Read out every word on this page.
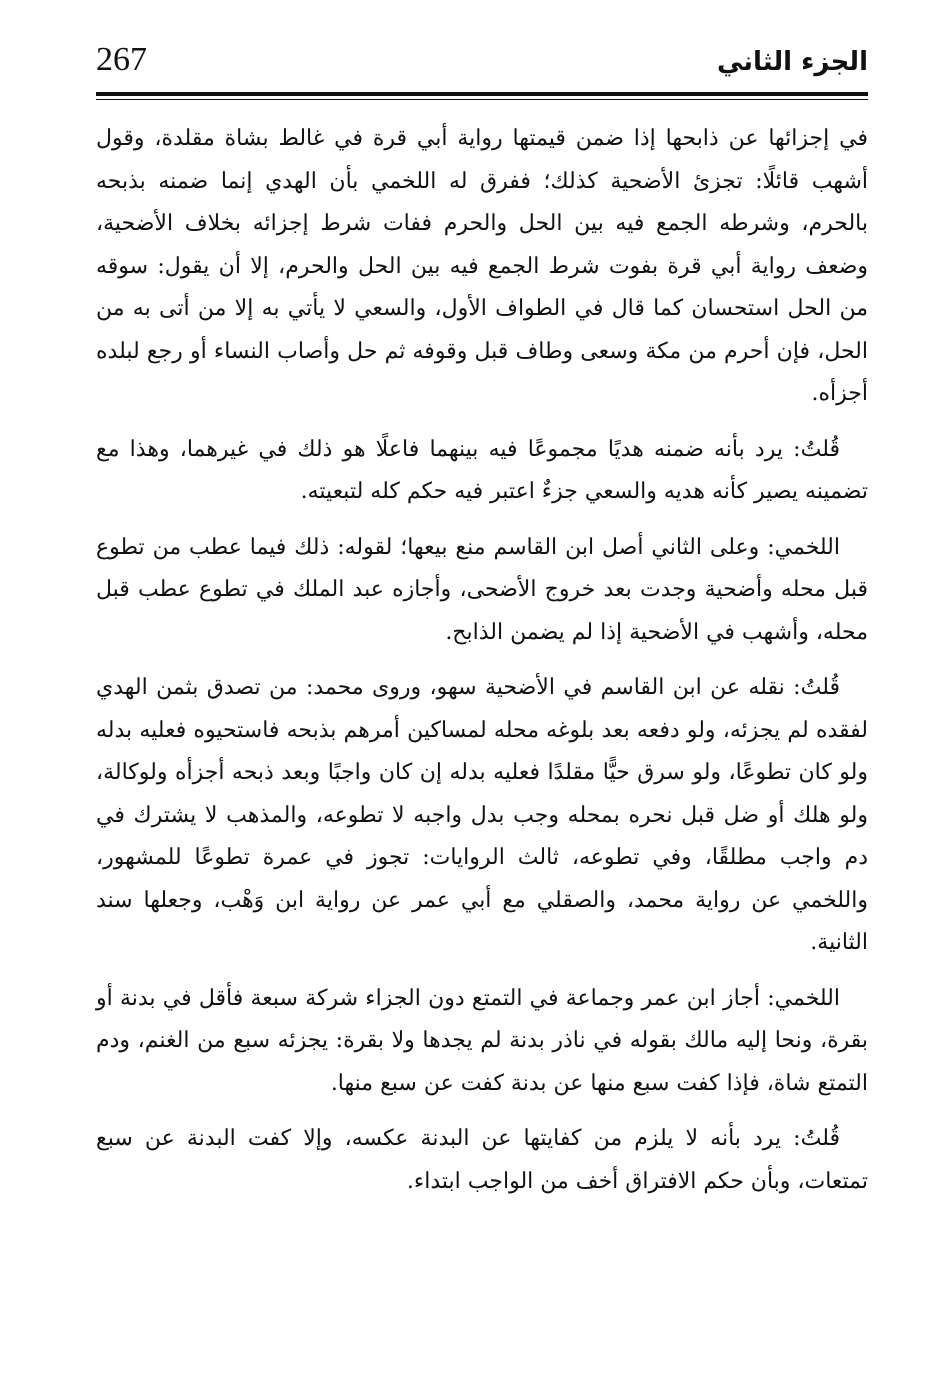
267	الجزء الثاني

في إجزائها عن ذابحها إذا ضمن قيمتها رواية أبي قرة في غالط بشاة مقلدة، وقول أشهب قائلًا: تجزئ الأضحية كذلك؛ ففرق له اللخمي بأن الهدي إنما ضمنه بذبحه بالحرم، وشرطه الجمع فيه بين الحل والحرم ففات شرط إجزائه بخلاف الأضحية، وضعف رواية أبي قرة بفوت شرط الجمع فيه بين الحل والحرم، إلا أن يقول: سوقه من الحل استحسان كما قال في الطواف الأول، والسعي لا يأتي به إلا من أتى به من الحل، فإن أحرم من مكة وسعى وطاف قبل وقوفه ثم حل وأصاب النساء أو رجع لبلده أجزأه.

قُلتُ: يرد بأنه ضمنه هديًا مجموعًا فيه بينهما فاعلًا هو ذلك في غيرهما، وهذا مع تضمينه يصير كأنه هديه والسعي جزءٌ اعتبر فيه حكم كله لتبعيته.

اللخمي: وعلى الثاني أصل ابن القاسم منع بيعها؛ لقوله: ذلك فيما عطب من تطوع قبل محله وأضحية وجدت بعد خروج الأضحى، وأجازه عبد الملك في تطوع عطب قبل محله، وأشهب في الأضحية إذا لم يضمن الذابح.

قُلتُ: نقله عن ابن القاسم في الأضحية سهو، وروى محمد: من تصدق بثمن الهدي لفقده لم يجزئه، ولو دفعه بعد بلوغه محله لمساكين أمرهم بذبحه فاستحيوه فعليه بدله ولو كان تطوعًا، ولو سرق حيًّا مقلدًا فعليه بدله إن كان واجبًا وبعد ذبحه أجزأه ولوكالة، ولو هلك أو ضل قبل نحره بمحله وجب بدل واجبه لا تطوعه، والمذهب لا يشترك في دم واجب مطلقًا، وفي تطوعه، ثالث الروايات: تجوز في عمرة تطوعًا للمشهور، واللخمي عن رواية محمد، والصقلي مع أبي عمر عن رواية ابن وَهْب، وجعلها سند الثانية.

اللخمي: أجاز ابن عمر وجماعة في التمتع دون الجزاء شركة سبعة فأقل في بدنة أو بقرة، ونحا إليه مالك بقوله في ناذر بدنة لم يجدها ولا بقرة: يجزئه سبع من الغنم، ودم التمتع شاة، فإذا كفت سبع منها عن بدنة كفت عن سبع منها.

قُلتُ: يرد بأنه لا يلزم من كفايتها عن البدنة عكسه، وإلا كفت البدنة عن سبع تمتعات، وبأن حكم الافتراق أخف من الواجب ابتداء.
